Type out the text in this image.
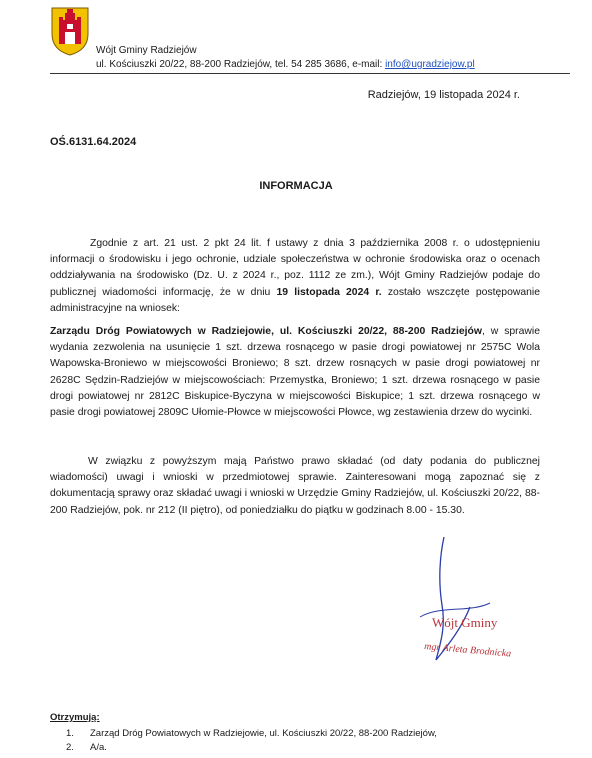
Wójt Gminy Radziejów
ul. Kościuszki 20/22, 88-200 Radziejów, tel. 54 285 3686, e-mail: info@ugradziejow.pl
Radziejów, 19 listopada 2024 r.
OŚ.6131.64.2024
INFORMACJA
Zgodnie z art. 21 ust. 2 pkt 24 lit. f ustawy z dnia 3 października 2008 r. o udostępnieniu informacji o środowisku i jego ochronie, udziale społeczeństwa w ochronie środowiska oraz o ocenach oddziaływania na środowisko (Dz. U. z 2024 r., poz. 1112 ze zm.), Wójt Gminy Radziejów podaje do publicznej wiadomości informację, że w dniu 19 listopada 2024 r. zostało wszczęte postępowanie administracyjne na wniosek:
Zarządu Dróg Powiatowych w Radziejowie, ul. Kościuszki 20/22, 88-200 Radziejów, w sprawie wydania zezwolenia na usunięcie 1 szt. drzewa rosnącego w pasie drogi powiatowej nr 2575C Wola Wapowska-Broniewo w miejscowości Broniewo; 8 szt. drzew rosnących w pasie drogi powiatowej nr 2628C Sędzin-Radziejów w miejscowościach: Przemystka, Broniewo; 1 szt. drzewa rosnącego w pasie drogi powiatowej nr 2812C Biskupice-Byczyna w miejscowości Biskupice; 1 szt. drzewa rosnącego w pasie drogi powiatowej 2809C Ułomie-Płowce w miejscowości Płowce, wg zestawienia drzew do wycinki.
W związku z powyższym mają Państwo prawo składać (od daty podania do publicznej wiadomości) uwagi i wnioski w przedmiotowej sprawie. Zainteresowani mogą zapoznać się z dokumentacją sprawy oraz składać uwagi i wnioski w Urzędzie Gminy Radziejów, ul. Kościuszki 20/22, 88-200 Radziejów, pok. nr 212 (II piętro), od poniedziałku do piątku w godzinach 8.00 - 15.30.
Wójt Gminy
mgr Arleta Brodnicka
Otrzymują:
1. Zarząd Dróg Powiatowych w Radziejowie, ul. Kościuszki 20/22, 88-200 Radziejów,
2. A/a.
